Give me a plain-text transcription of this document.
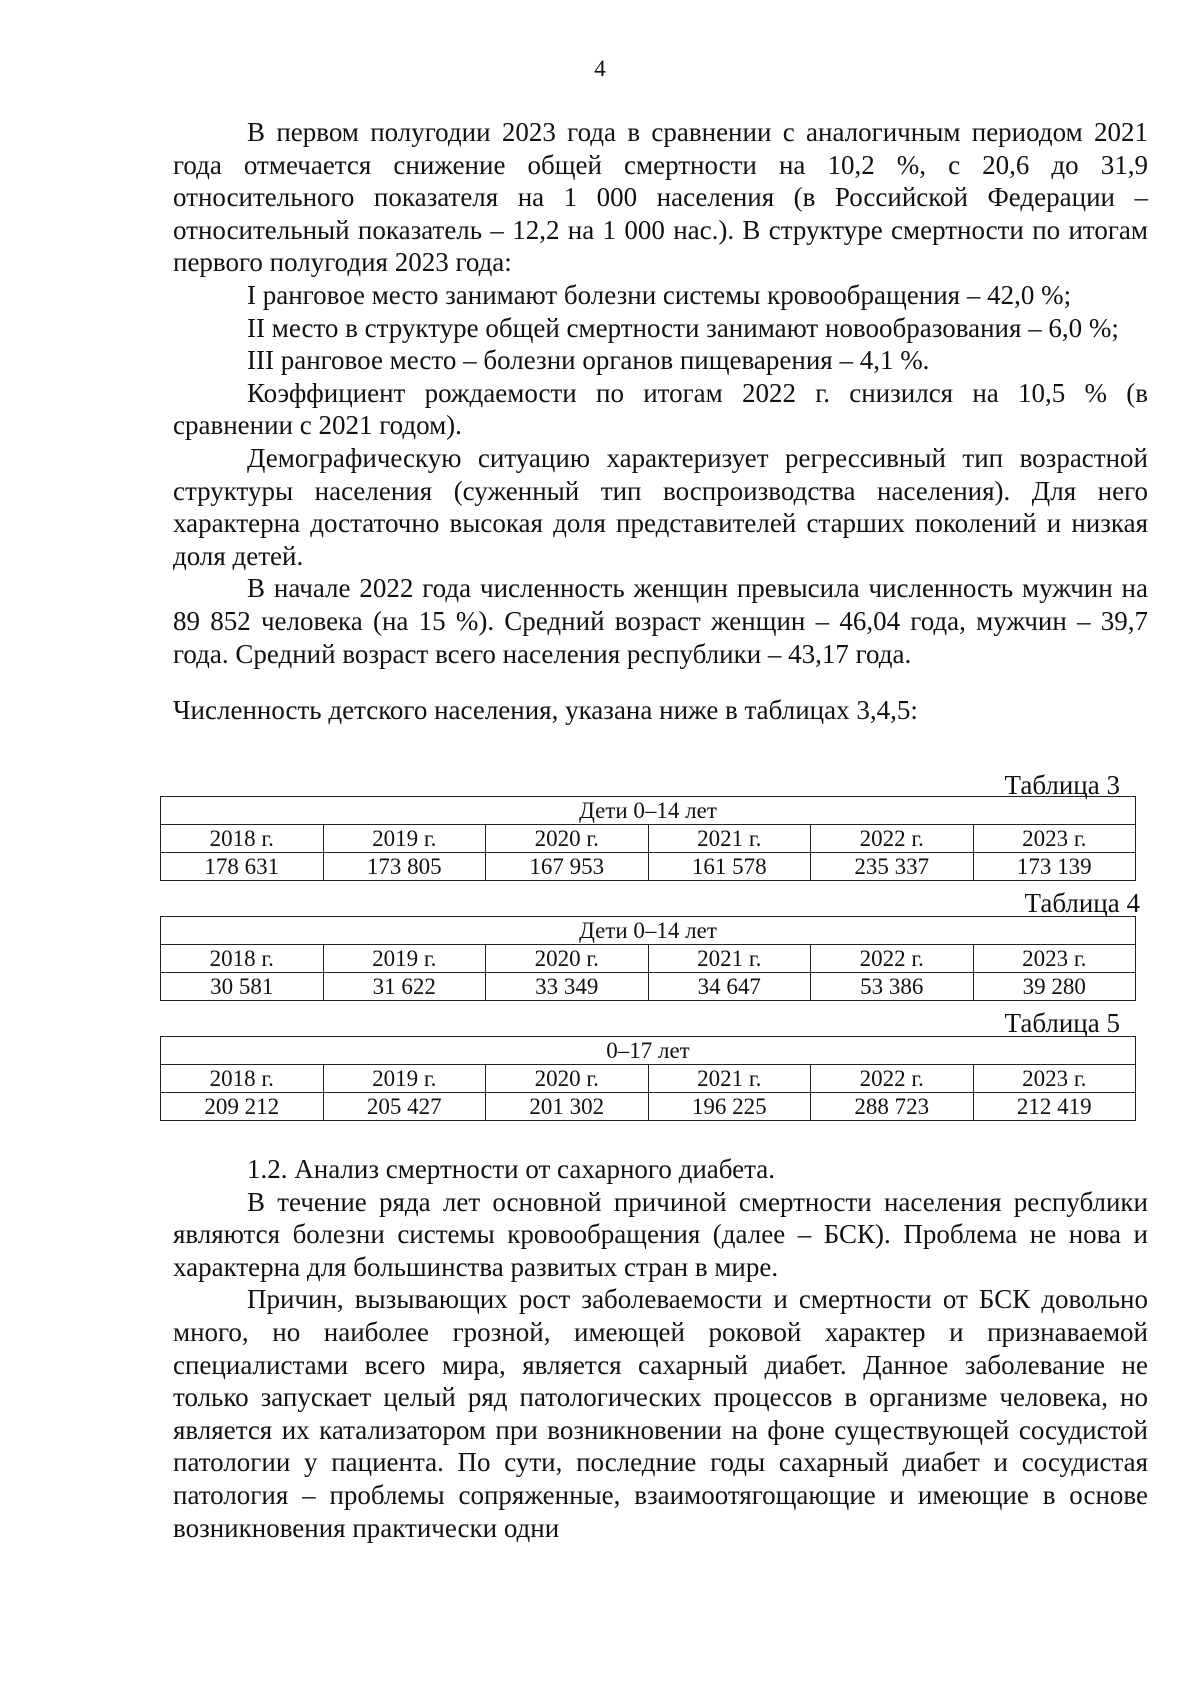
4

В первом полугодии 2023 года в сравнении с аналогичным периодом 2021 года отмечается снижение общей смертности на 10,2 %, с 20,6 до 31,9 относительного показателя на 1 000 населения (в Российской Федерации – относительный показатель – 12,2 на 1 000 нас.). В структуре смертности по итогам первого полугодия 2023 года:

I ранговое место занимают болезни системы кровообращения – 42,0 %;

II место в структуре общей смертности занимают новообразования – 6,0 %;

III ранговое место – болезни органов пищеварения – 4,1 %.

Коэффициент рождаемости по итогам 2022 г. снизился на 10,5 % (в сравнении с 2021 годом).

Демографическую ситуацию характеризует регрессивный тип возрастной структуры населения (суженный тип воспроизводства населения). Для него характерна достаточно высокая доля представителей старших поколений и низкая доля детей.

В начале 2022 года численность женщин превысила численность мужчин на 89 852 человека (на 15 %). Средний возраст женщин – 46,04 года, мужчин – 39,7 года. Средний возраст всего населения республики – 43,17 года.

Численность детского населения, указана ниже в таблицах 3,4,5:

Таблица 3
Дети 0–14 лет					
2018 г.	2019 г.	2020 г.	2021 г.	2022 г.	2023 г.
178 631	173 805	167 953	161 578	235 337	173 139
Таблица 4
Дети 0–14 лет					
2018 г.	2019 г.	2020 г.	2021 г.	2022 г.	2023 г.
30 581	31 622	33 349	34 647	53 386	39 280
Таблица 5
0–17 лет					
2018 г.	2019 г.	2020 г.	2021 г.	2022 г.	2023 г.
209 212	205 427	201 302	196 225	288 723	212 419

1.2. Анализ смертности от сахарного диабета.

В течение ряда лет основной причиной смертности населения республики являются болезни системы кровообращения (далее – БСК). Проблема не нова и характерна для большинства развитых стран в мире.

Причин, вызывающих рост заболеваемости и смертности от БСК довольно много, но наиболее грозной, имеющей роковой характер и признаваемой специалистами всего мира, является сахарный диабет. Данное заболевание не только запускает целый ряд патологических процессов в организме человека, но является их катализатором при возникновении на фоне существующей сосудистой патологии у пациента. По сути, последние годы сахарный диабет и сосудистая патология – проблемы сопряженные, взаимоотягощающие и имеющие в основе возникновения практически одни
